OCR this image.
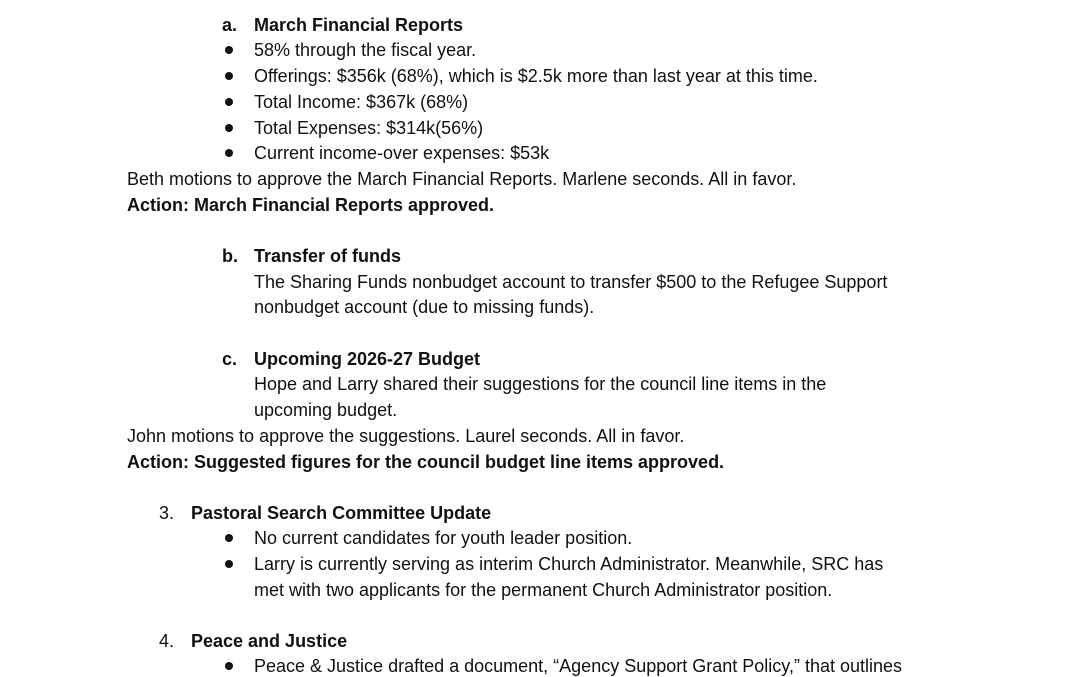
a. March Financial Reports
58% through the fiscal year.
Offerings: $356k (68%), which is $2.5k more than last year at this time.
Total Income: $367k (68%)
Total Expenses: $314k(56%)
Current income-over expenses: $53k
Beth motions to approve the March Financial Reports. Marlene seconds. All in favor.
Action: March Financial Reports approved.
b. Transfer of funds
The Sharing Funds nonbudget account to transfer $500 to the Refugee Support
nonbudget account (due to missing funds).
c. Upcoming 2026-27 Budget
Hope and Larry shared their suggestions for the council line items in the
upcoming budget.
John motions to approve the suggestions. Laurel seconds. All in favor.
Action: Suggested figures for the council budget line items approved.
3. Pastoral Search Committee Update
No current candidates for youth leader position.
Larry is currently serving as interim Church Administrator. Meanwhile, SRC has
met with two applicants for the permanent Church Administrator position.
4. Peace and Justice
Peace & Justice drafted a document, “Agency Support Grant Policy,” that outlines
